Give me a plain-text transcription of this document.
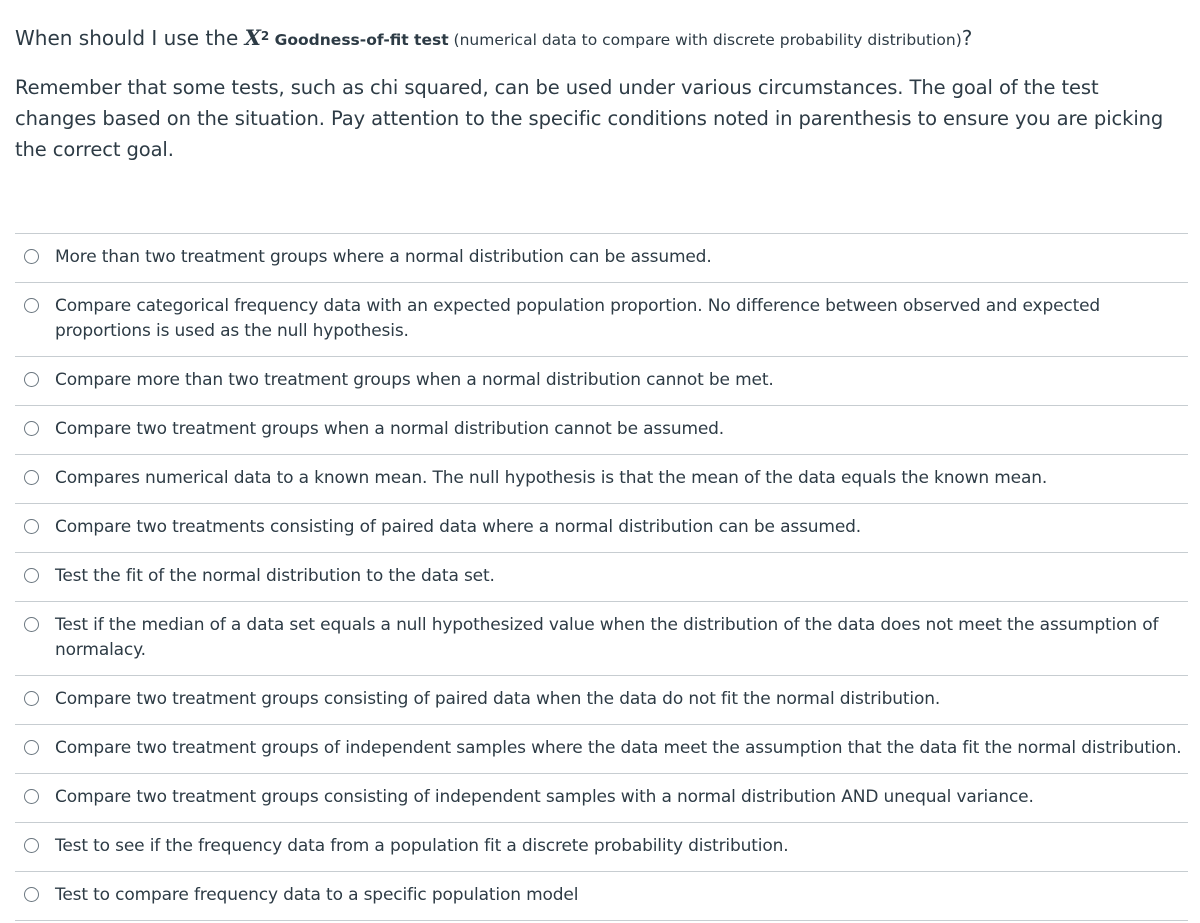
When should I use the $X^2$ Goodness-of-fit test (numerical data to compare with discrete probability distribution)?

Remember that some tests, such as chi squared, can be used under various circumstances. The goal of the test changes based on the situation. Pay attention to the specific conditions noted in parenthesis to ensure you are picking the correct goal.

More than two treatment groups where a normal distribution can be assumed.
Compare categorical frequency data with an expected population proportion. No difference between observed and expected proportions is used as the null hypothesis.
Compare more than two treatment groups when a normal distribution cannot be met.
Compare two treatment groups when a normal distribution cannot be assumed.
Compares numerical data to a known mean. The null hypothesis is that the mean of the data equals the known mean.
Compare two treatments consisting of paired data where a normal distribution can be assumed.
Test the fit of the normal distribution to the data set.
Test if the median of a data set equals a null hypothesized value when the distribution of the data does not meet the assumption of normalacy.
Compare two treatment groups consisting of paired data when the data do not fit the normal distribution.
Compare two treatment groups of independent samples where the data meet the assumption that the data fit the normal distribution.
Compare two treatment groups consisting of independent samples with a normal distribution AND unequal variance.
Test to see if the frequency data from a population fit a discrete probability distribution.
Test to compare frequency data to a specific population model
